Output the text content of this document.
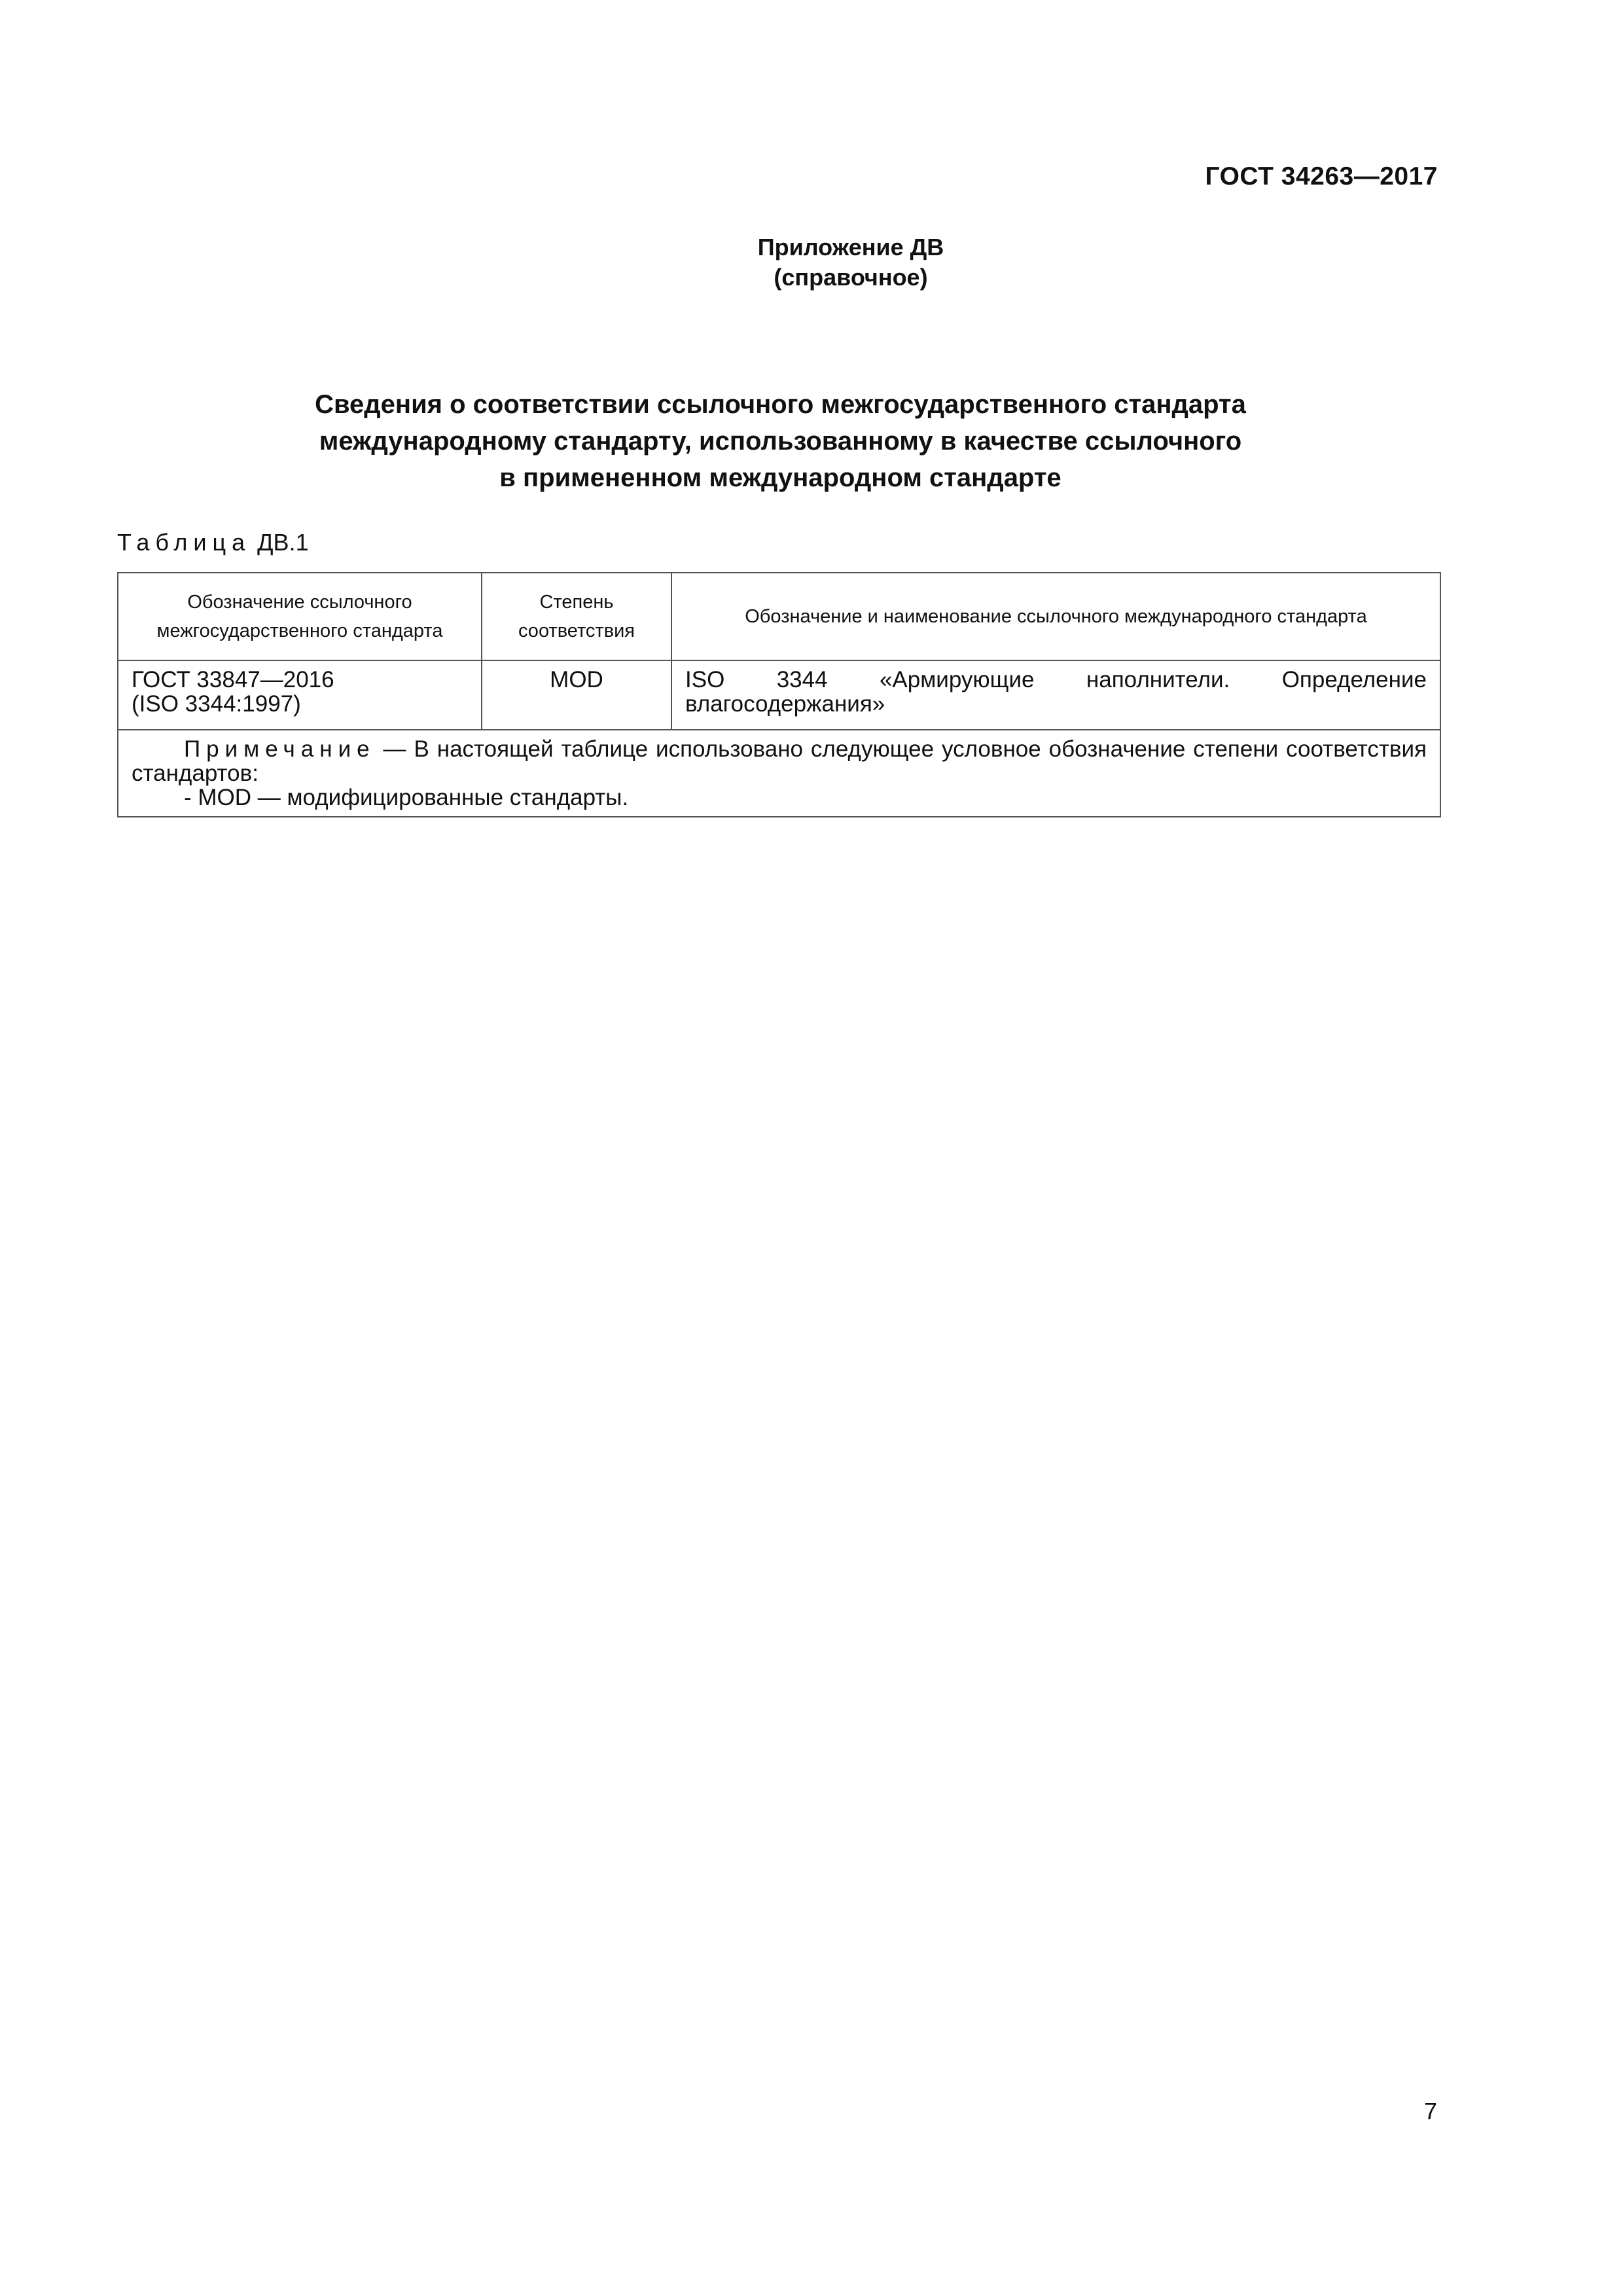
ГОСТ 34263—2017
Приложение ДВ
(справочное)
Сведения о соответствии ссылочного межгосударственного стандарта
международному стандарту, использованному в качестве ссылочного
в примененном международном стандарте
Таблица ДВ.1
Обозначение ссылочного межгосударственного стандарта	Степень соответствия	Обозначение и наименование ссылочного международного стандарта

ГОСТ 33847—2016
(ISO 3344:1997)	MOD	ISO 3344 «Армирующие наполнители. Определение влагосодержания»

Примечание — В настоящей таблице использовано следующее условное обозначение степени соответствия стандартов:
- MOD — модифицированные стандарты.		
7
